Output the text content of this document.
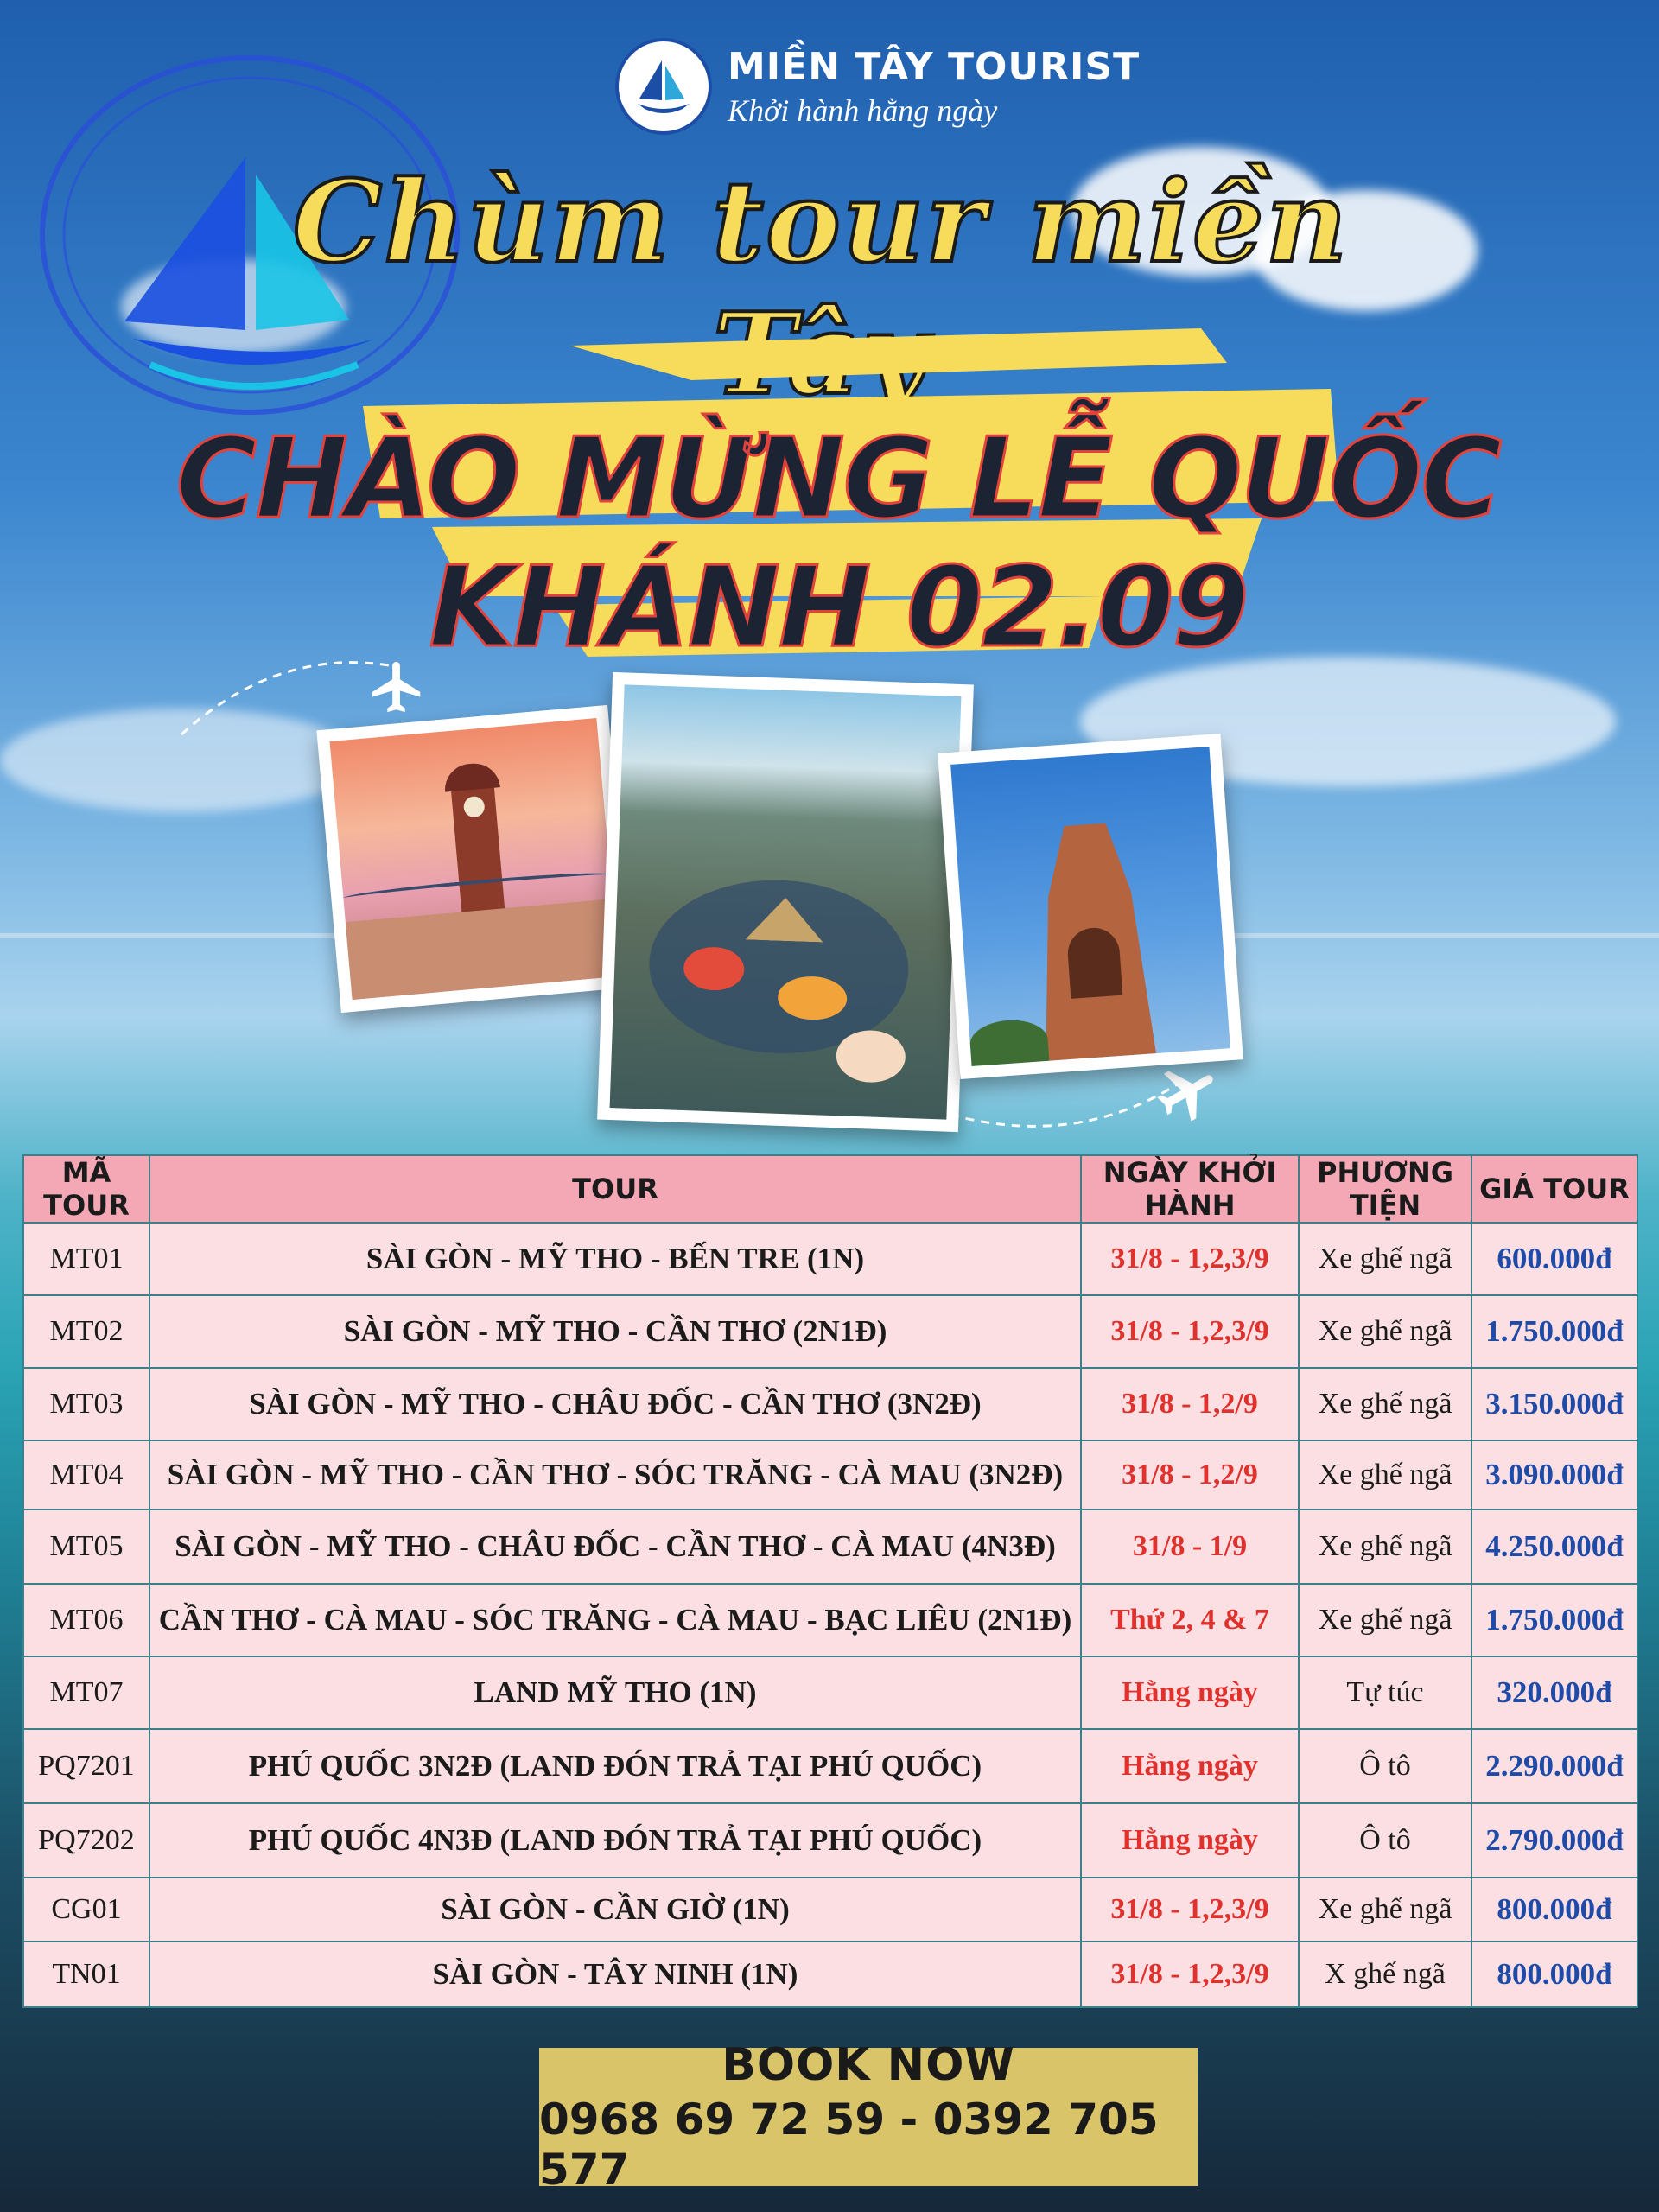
MIỀN TÂY TOURIST
Khởi hành hằng ngày
Chùm tour miền
CHÀO MỪNG LỄ QUỐC KHÁNH 02.09
MÃ TOUR	TOUR	NGÀY KHỞI HÀNH	PHƯƠNG TIỆN	GIÁ TOUR
MT01	SÀI GÒN - MỸ THO - BẾN TRE (1N)	31/8 - 1,2,3/9	Xe ghế ngã	600.000đ
MT02	SÀI GÒN - MỸ THO - CẦN THƠ (2N1Đ)	31/8 - 1,2,3/9	Xe ghế ngã	1.750.000đ
MT03	SÀI GÒN - MỸ THO - CHÂU ĐỐC - CẦN THƠ (3N2Đ)	31/8 - 1,2/9	Xe ghế ngã	3.150.000đ
MT04	SÀI GÒN - MỸ THO - CẦN THƠ - SÓC TRĂNG - CÀ MAU (3N2Đ)	31/8 - 1,2/9	Xe ghế ngã	3.090.000đ
MT05	SÀI GÒN - MỸ THO - CHÂU ĐỐC - CẦN THƠ - CÀ MAU (4N3Đ)	31/8 - 1/9	Xe ghế ngã	4.250.000đ
MT06	CẦN THƠ - CÀ MAU - SÓC TRĂNG - CÀ MAU - BẠC LIÊU (2N1Đ)	Thứ 2, 4 & 7	Xe ghế ngã	1.750.000đ
MT07	LAND MỸ THO (1N)	Hằng ngày	Tự túc	320.000đ
PQ7201	PHÚ QUỐC 3N2Đ (LAND ĐÓN TRẢ TẠI PHÚ QUỐC)	Hằng ngày	Ô tô	2.290.000đ
PQ7202	PHÚ QUỐC 4N3Đ (LAND ĐÓN TRẢ TẠI PHÚ QUỐC)	Hằng ngày	Ô tô	2.790.000đ
CG01	SÀI GÒN - CẦN GIỜ (1N)	31/8 - 1,2,3/9	Xe ghế ngã	800.000đ
TN01	SÀI GÒN - TÂY NINH (1N)	31/8 - 1,2,3/9	X ghế ngã	800.000đ
BOOK NOW
0968 69 72 59 - 0392 705 577
